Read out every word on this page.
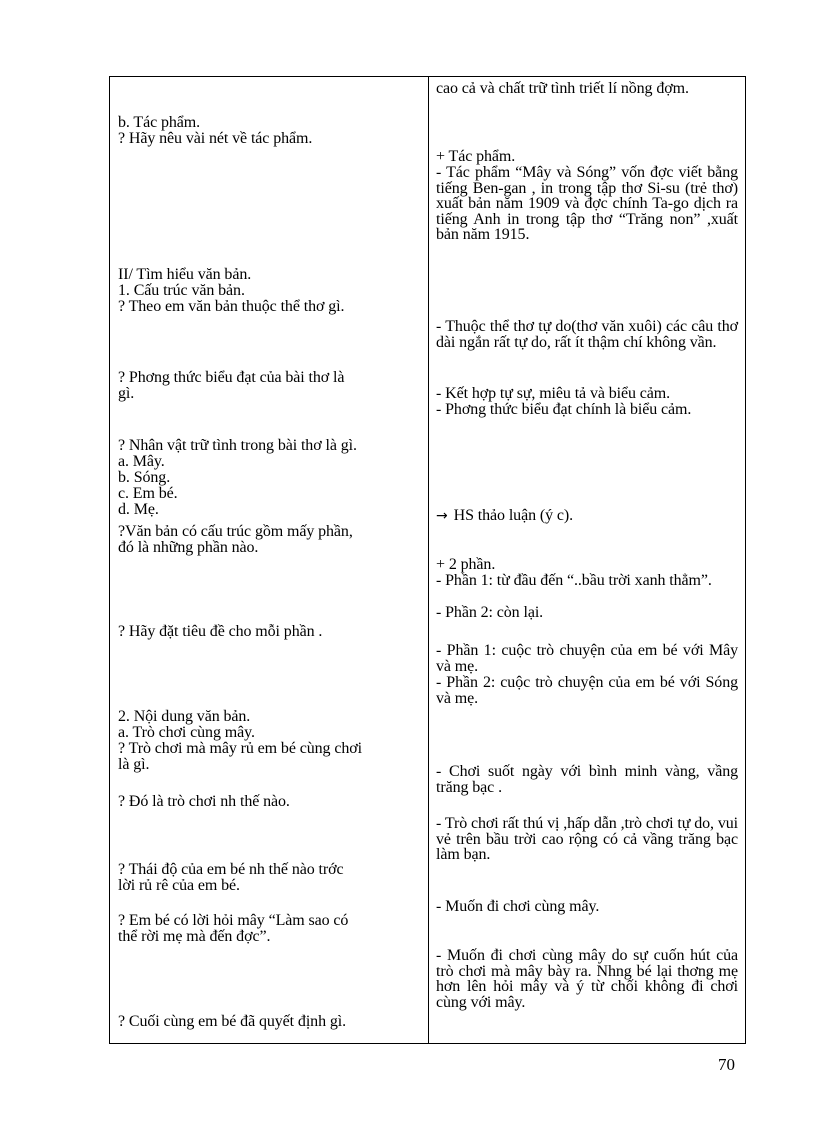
b. Tác phẩm.
? Hãy nêu vài nét về tác phẩm.
II/ Tìm hiểu văn bản.
1. Cấu trúc văn bản.
? Theo em văn bản thuộc thể thơ gì.
? Phơng thức biểu đạt của bài thơ là
gì.
? Nhân vật trữ tình trong bài thơ là gì.
a. Mây.
b. Sóng.
c. Em bé.
d. Mẹ.
?Văn bản có cấu trúc gồm mấy phần,
đó là những phần nào.
? Hãy đặt tiêu đề cho mỗi phần .
2. Nội dung văn bản.
a. Trò chơi cùng mây.
? Trò chơi mà mây rủ em bé cùng chơi
là gì.
? Đó là trò chơi nh thế nào.
? Thái độ của em bé nh thế nào trớc
lời rủ rê của em bé.
? Em bé có lời hỏi mây “Làm sao có
thể rời mẹ mà đến đợc”.
? Cuối cùng em bé đã quyết định gì.
cao cả và chất trữ tình triết lí nồng đợm.
+ Tác phẩm.
- Tác phẩm “Mây và Sóng” vốn đợc viết bằng tiếng Ben-gan , in trong tập thơ Si-su (trẻ thơ) xuất bản năm 1909 và đợc chính Ta-go dịch ra tiếng Anh in trong tập thơ “Trăng non” ,xuất bản năm 1915.
- Thuộc thể thơ tự do(thơ văn xuôi) các câu thơ dài ngắn rất tự do, rất ít thậm chí không vần.
- Kết hợp tự sự, miêu tả và biểu cảm.
- Phơng thức biểu đạt chính là biểu cảm.
→ HS thảo luận (ý c).
+ 2 phần.
- Phần 1: từ đầu đến “..bầu trời xanh thẳm”.
- Phần 2: còn lại.
- Phần 1: cuộc trò chuyện của em bé với Mây và mẹ.
- Phần 2: cuộc trò chuyện của em bé với Sóng và mẹ.
- Chơi suốt ngày với bình minh vàng, vầng trăng bạc .
- Trò chơi rất thú vị ,hấp dẫn ,trò chơi tự do, vui vẻ trên bầu trời cao rộng có cả vầng trăng bạc làm bạn.
- Muốn đi chơi cùng mây.
- Muốn đi chơi cùng mây do sự cuốn hút của trò chơi mà mây bày ra. Nhng bé lại thơng mẹ hơn lên hỏi mây và ý từ chối không đi chơi cùng với mây.
70
